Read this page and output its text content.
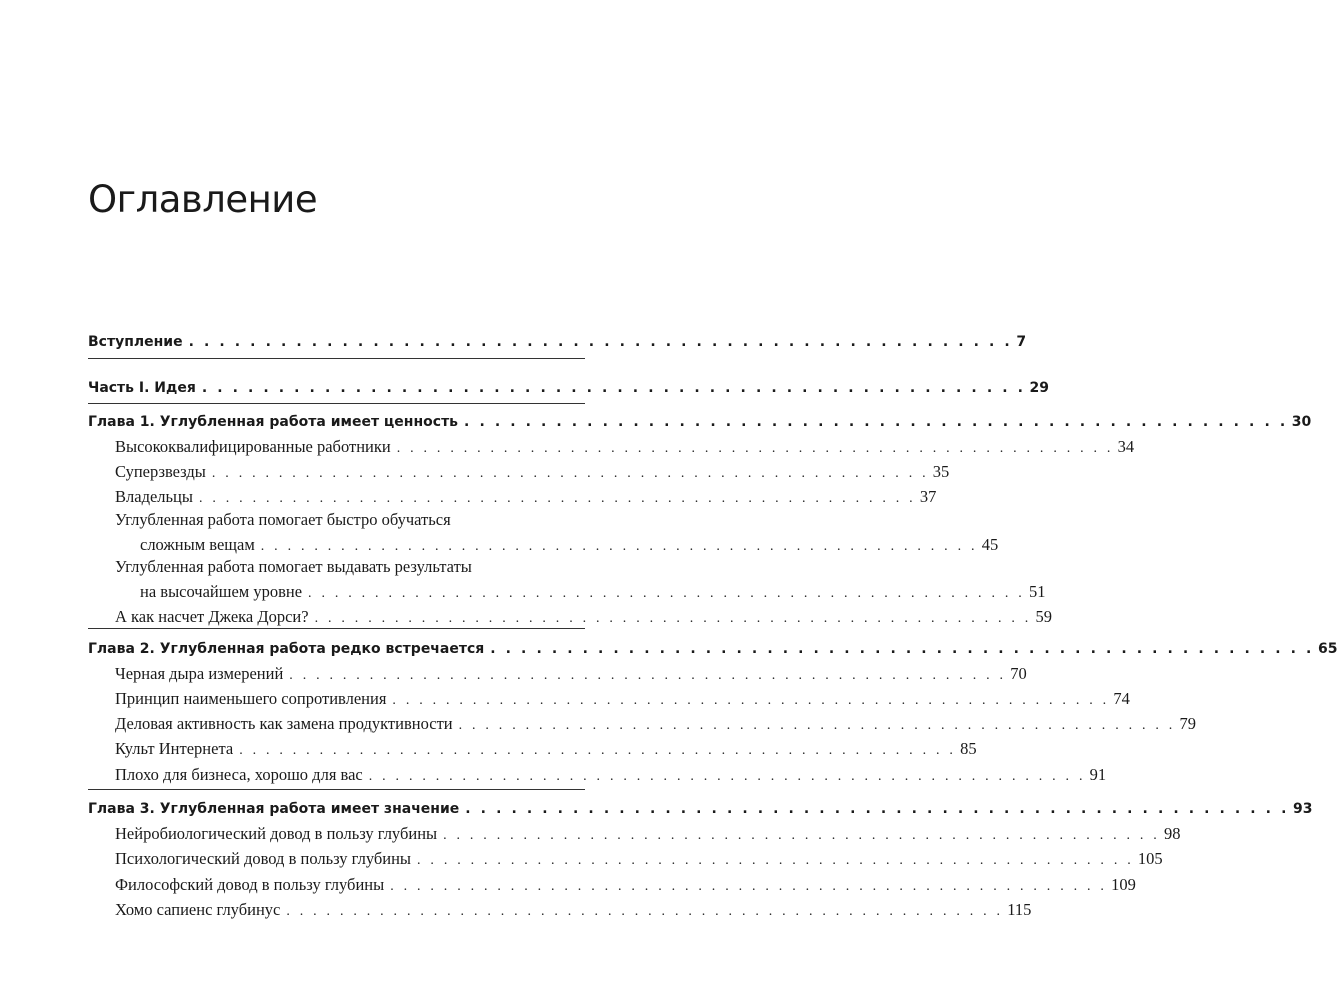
Оглавление
Вступление . . . . . . . . . . . . . . . . . . . . . . . . . . . . . . . . . . . . . . . . . . . . . . . . . . . . . . 7
Часть I. Идея . . . . . . . . . . . . . . . . . . . . . . . . . . . . . . . . . . . . . . . . . . . . . . . . . . . . . . 29
Глава 1. Углубленная работа имеет ценность . . . . . . . . . . . . . . . . . . . . . . . . . . . . . . . . . . . . . . . . . . . . . . . . . . . . . . 30
Высококвалифицированные работники . . . . . . . . . . . . . . . . . . . . . . . . . . . . . . . . . . . . . . . . . . . . . . . . . . . . . . 34
Суперзвезды . . . . . . . . . . . . . . . . . . . . . . . . . . . . . . . . . . . . . . . . . . . . . . . . . . . . . . 35
Владельцы . . . . . . . . . . . . . . . . . . . . . . . . . . . . . . . . . . . . . . . . . . . . . . . . . . . . . . 37
Углубленная работа помогает быстро обучаться
сложным вещам . . . . . . . . . . . . . . . . . . . . . . . . . . . . . . . . . . . . . . . . . . . . . . . . . . . . . . 45
Углубленная работа помогает выдавать результаты
на высочайшем уровне . . . . . . . . . . . . . . . . . . . . . . . . . . . . . . . . . . . . . . . . . . . . . . . . . . . . . . 51
А как насчет Джека Дорси? . . . . . . . . . . . . . . . . . . . . . . . . . . . . . . . . . . . . . . . . . . . . . . . . . . . . . . 59
Глава 2. Углубленная работа редко встречается . . . . . . . . . . . . . . . . . . . . . . . . . . . . . . . . . . . . . . . . . . . . . . . . . . . . . . 65
Черная дыра измерений . . . . . . . . . . . . . . . . . . . . . . . . . . . . . . . . . . . . . . . . . . . . . . . . . . . . . . 70
Принцип наименьшего сопротивления . . . . . . . . . . . . . . . . . . . . . . . . . . . . . . . . . . . . . . . . . . . . . . . . . . . . . . 74
Деловая активность как замена продуктивности . . . . . . . . . . . . . . . . . . . . . . . . . . . . . . . . . . . . . . . . . . . . . . . . . . . . . . 79
Культ Интернета . . . . . . . . . . . . . . . . . . . . . . . . . . . . . . . . . . . . . . . . . . . . . . . . . . . . . . 85
Плохо для бизнеса, хорошо для вас . . . . . . . . . . . . . . . . . . . . . . . . . . . . . . . . . . . . . . . . . . . . . . . . . . . . . . 91
Глава 3. Углубленная работа имеет значение . . . . . . . . . . . . . . . . . . . . . . . . . . . . . . . . . . . . . . . . . . . . . . . . . . . . . . 93
Нейробиологический довод в пользу глубины . . . . . . . . . . . . . . . . . . . . . . . . . . . . . . . . . . . . . . . . . . . . . . . . . . . . . . 98
Психологический довод в пользу глубины . . . . . . . . . . . . . . . . . . . . . . . . . . . . . . . . . . . . . . . . . . . . . . . . . . . . . . 105
Философский довод в пользу глубины . . . . . . . . . . . . . . . . . . . . . . . . . . . . . . . . . . . . . . . . . . . . . . . . . . . . . . 109
Хомо сапиенс глубинус . . . . . . . . . . . . . . . . . . . . . . . . . . . . . . . . . . . . . . . . . . . . . . . . . . . . . . 115
